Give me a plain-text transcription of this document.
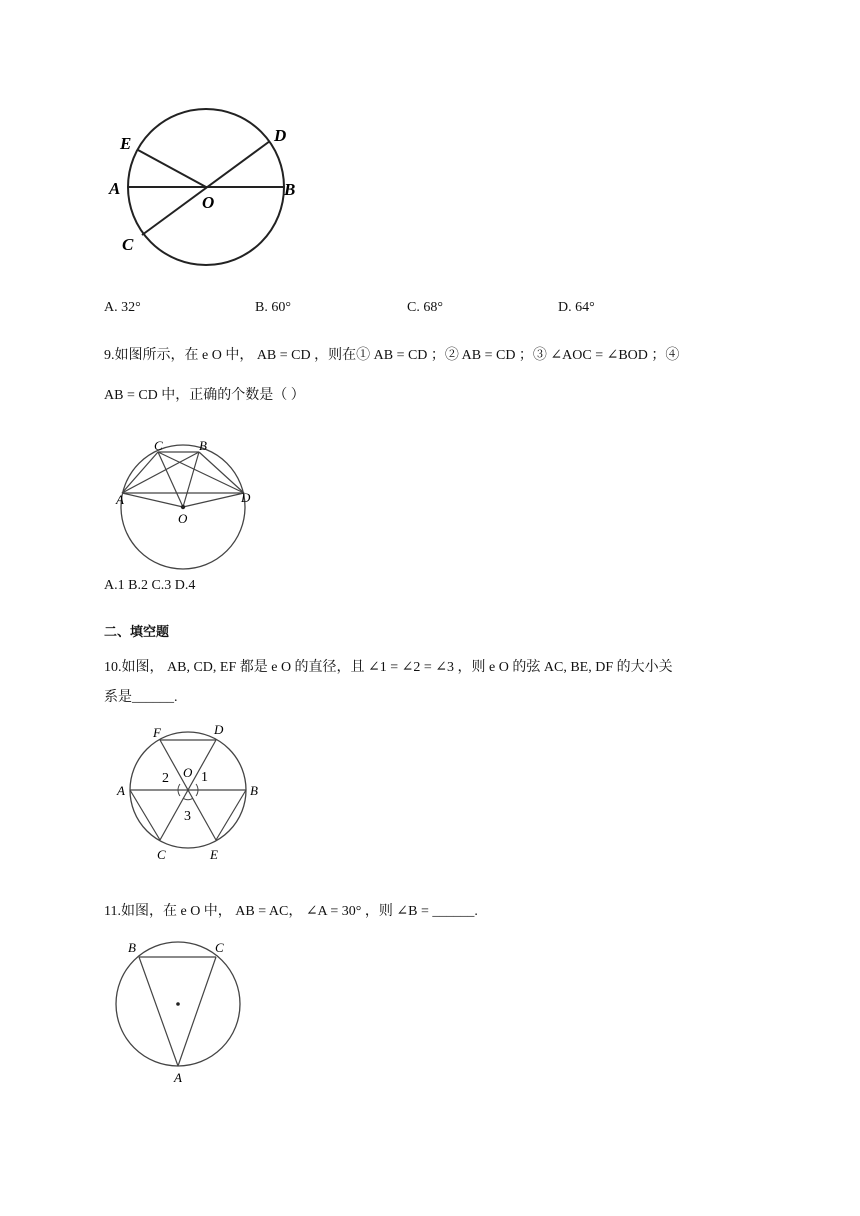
E	D
A
O
B
C
A. 32°	B. 60°	C. 68°	D. 64°
9.如图所示，在 e O 中， AB = CD ，则在① AB = CD ；② AB = CD ；③ ∠AOC = ∠BOD ；④
AB = CD 中，正确的个数是（ ）
C	B
A	D
O
A.1 B.2 C.3 D.4
二、填空题
10.如图， AB, CD, EF 都是 e O 的直径，且 ∠1 = ∠2 = ∠3 ，则 e O 的弦 AC, BE, DF 的大小关
系是______.
F	D
2 O 1
A	B
3
C	E
11.如图，在 e O 中， AB = AC， ∠A = 30° ，则 ∠B = ______.
B	C
A
